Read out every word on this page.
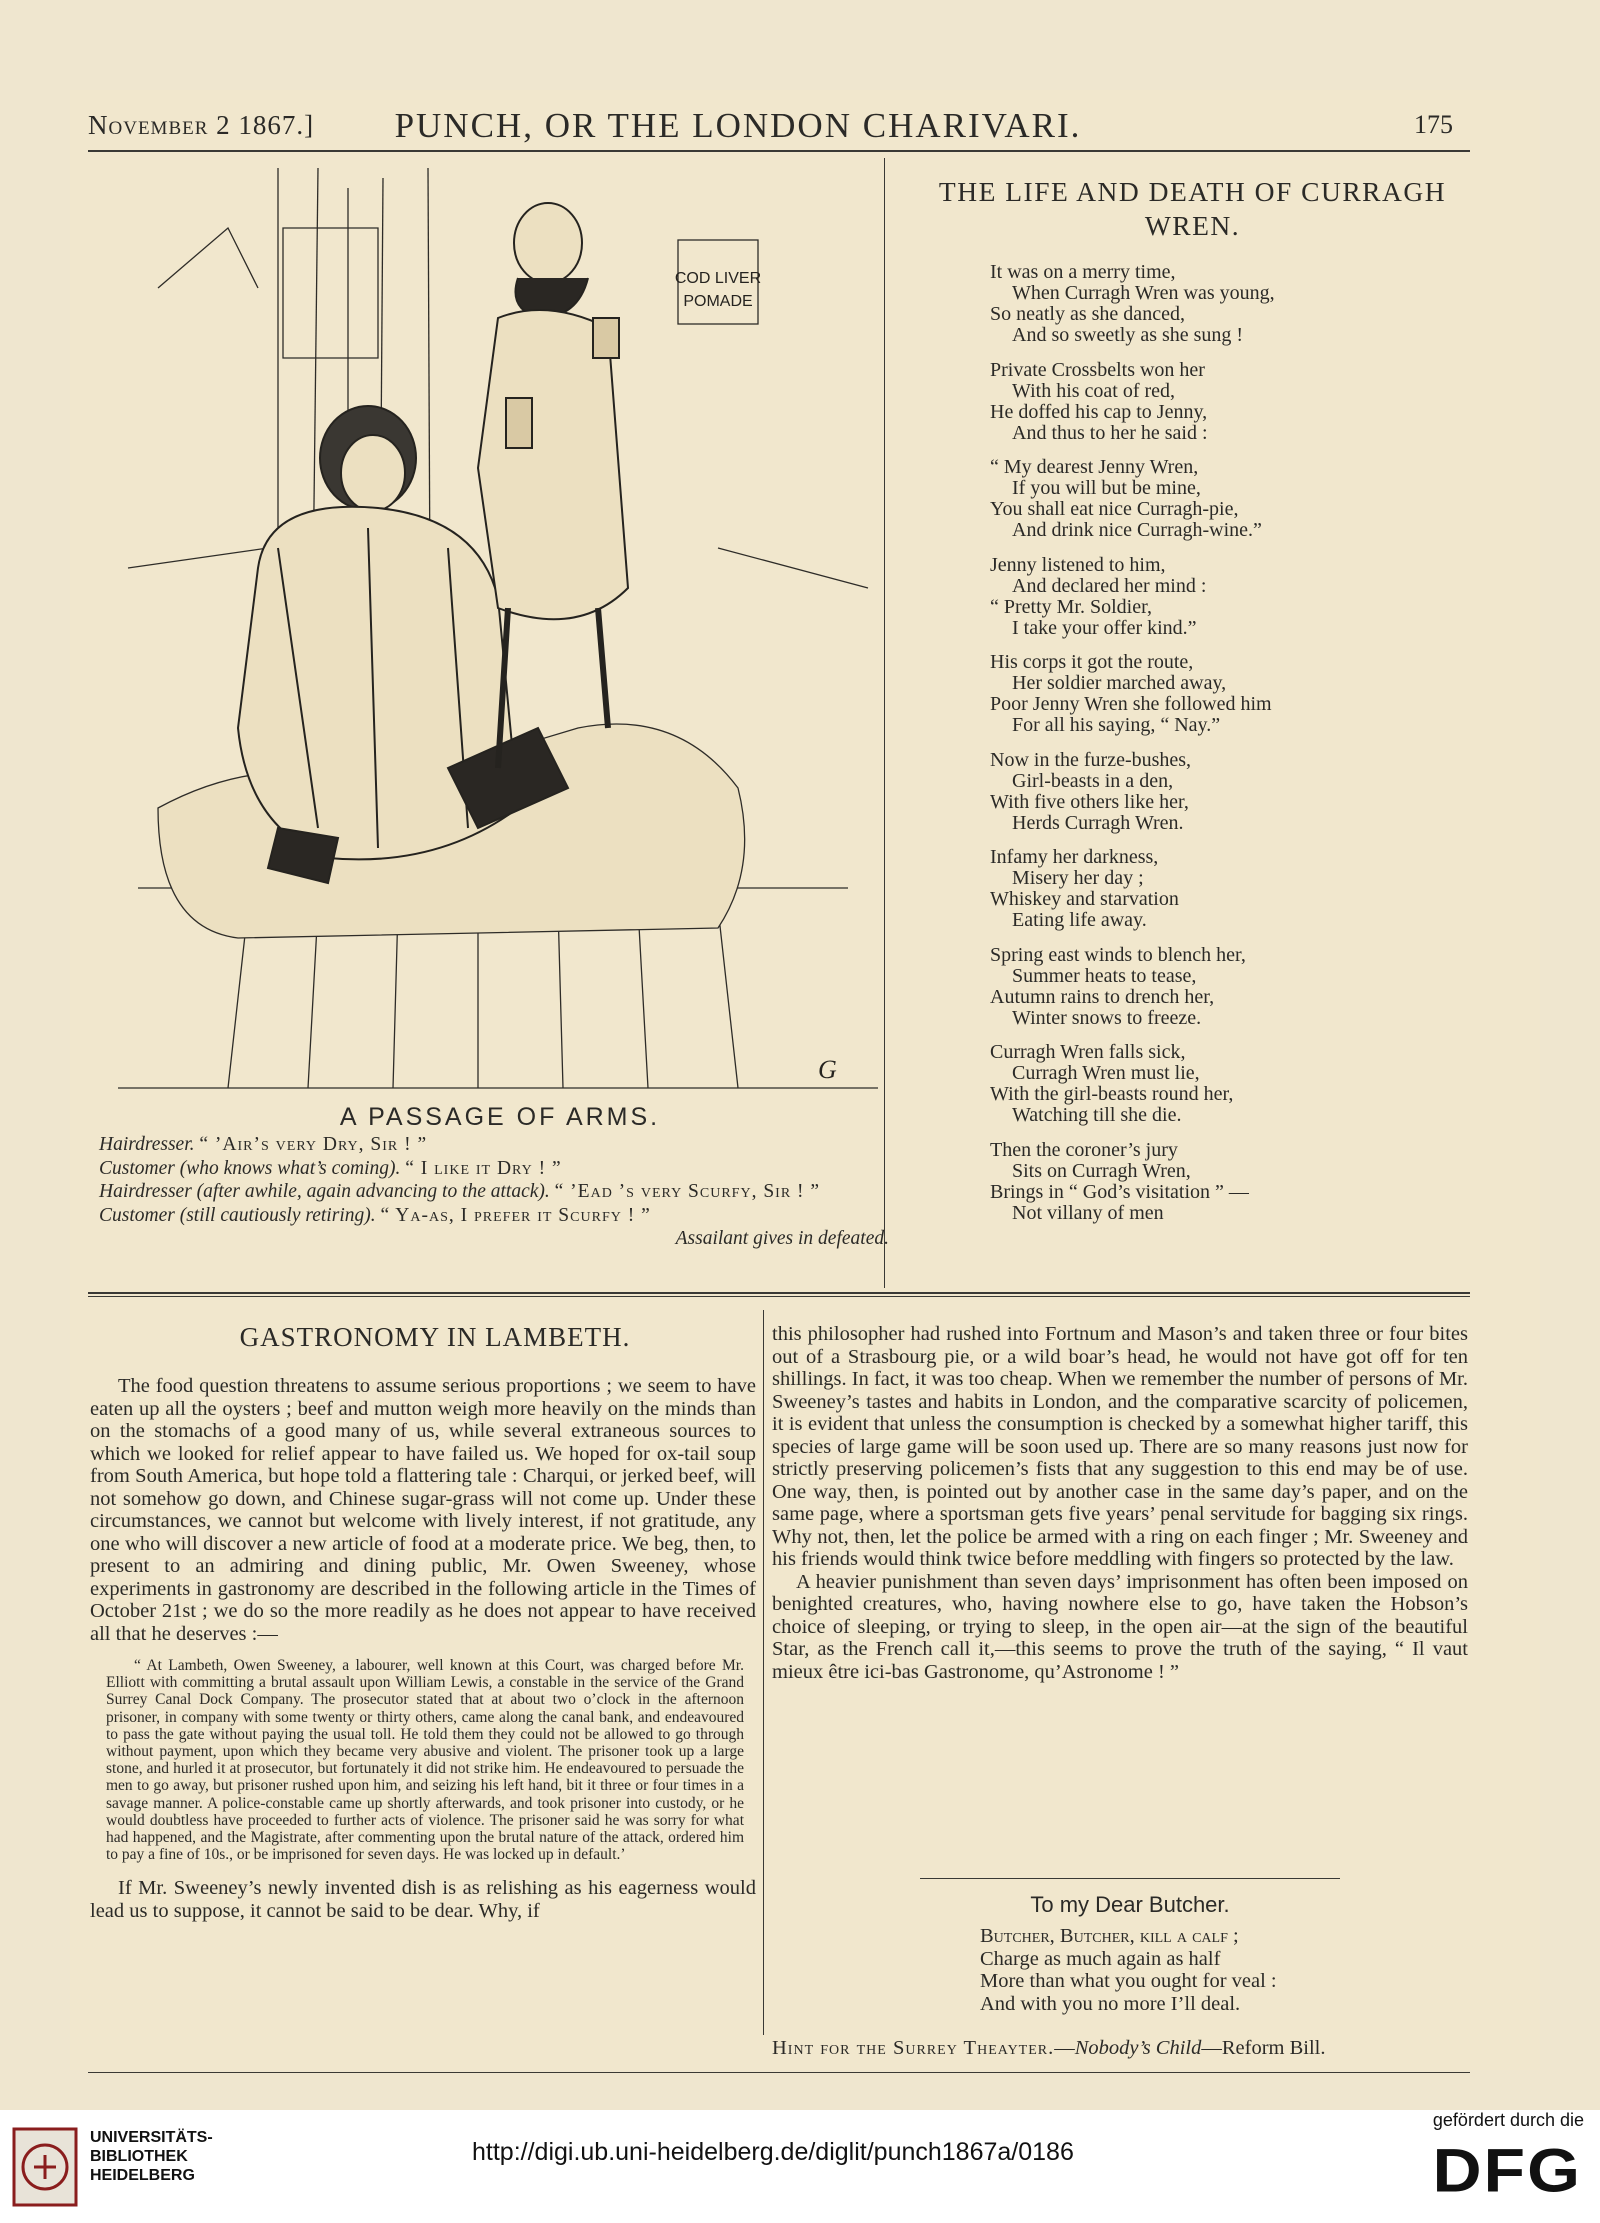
November 2 1867.] PUNCH, OR THE LONDON CHARIVARI.	175
COD LIVER
POMADE
G
A PASSAGE OF ARMS.

Hairdresser. “ ’Air’s very Dry, Sir ! ”

Customer (who knows what’s coming). “ I like it Dry ! ”

Hairdresser (after awhile, again advancing to the attack). “ ’Ead ’s very Scurfy, Sir ! ”

Customer (still cautiously retiring). “ Ya-as, I prefer it Scurfy ! ”

Assailant gives in defeated.

THE LIFE AND DEATH OF CURRAGH
WREN.
It was on a merry time,
When Curragh Wren was young,
So neatly as she danced,
And so sweetly as she sung !
Private Crossbelts won her
With his coat of red,
He doffed his cap to Jenny,
And thus to her he said :
“ My dearest Jenny Wren,
If you will but be mine,
You shall eat nice Curragh-pie,
And drink nice Curragh-wine.”
Jenny listened to him,
And declared her mind :
“ Pretty Mr. Soldier,
I take your offer kind.”
His corps it got the route,
Her soldier marched away,
Poor Jenny Wren she followed him
For all his saying, “ Nay.”
Now in the furze-bushes,
Girl-beasts in a den,
With five others like her,
Herds Curragh Wren.
Infamy her darkness,
Misery her day ;
Whiskey and starvation
Eating life away.
Spring east winds to blench her,
Summer heats to tease,
Autumn rains to drench her,
Winter snows to freeze.
Curragh Wren falls sick,
Curragh Wren must lie,
With the girl-beasts round her,
Watching till she die.
Then the coroner’s jury
Sits on Curragh Wren,
Brings in “ God’s visitation ” —
Not villany of men
GASTRONOMY IN LAMBETH.

The food question threatens to assume serious proportions ; we seem to have eaten up all the oysters ; beef and mutton weigh more heavily on the minds than on the stomachs of a good many of us, while several extraneous sources to which we looked for relief appear to have failed us. We hoped for ox-tail soup from South America, but hope told a flattering tale : Charqui, or jerked beef, will not somehow go down, and Chinese sugar-grass will not come up. Under these circumstances, we cannot but welcome with lively interest, if not gratitude, any one who will discover a new article of food at a moderate price. We beg, then, to present to an admiring and dining public, Mr. Owen Sweeney, whose experiments in gastronomy are described in the following article in the Times of October 21st ; we do so the more readily as he does not appear to have received all that he deserves :—

“ At Lambeth, Owen Sweeney, a labourer, well known at this Court, was charged before Mr. Elliott with committing a brutal assault upon William Lewis, a constable in the service of the Grand Surrey Canal Dock Company. The prosecutor stated that at about two o’clock in the afternoon prisoner, in company with some twenty or thirty others, came along the canal bank, and endeavoured to pass the gate without paying the usual toll. He told them they could not be allowed to go through without payment, upon which they became very abusive and violent. The prisoner took up a large stone, and hurled it at prosecutor, but fortunately it did not strike him. He endeavoured to persuade the men to go away, but prisoner rushed upon him, and seizing his left hand, bit it three or four times in a savage manner. A police-constable came up shortly afterwards, and took prisoner into custody, or he would doubtless have proceeded to further acts of violence. The prisoner said he was sorry for what had happened, and the Magistrate, after commenting upon the brutal nature of the attack, ordered him to pay a fine of 10s., or be imprisoned for seven days. He was locked up in default.’

If Mr. Sweeney’s newly invented dish is as relishing as his eagerness would lead us to suppose, it cannot be said to be dear. Why, if

this philosopher had rushed into Fortnum and Mason’s and taken three or four bites out of a Strasbourg pie, or a wild boar’s head, he would not have got off for ten shillings. In fact, it was too cheap. When we remember the number of persons of Mr. Sweeney’s tastes and habits in London, and the comparative scarcity of policemen, it is evident that unless the consumption is checked by a somewhat higher tariff, this species of large game will be soon used up. There are so many reasons just now for strictly preserving policemen’s fists that any suggestion to this end may be of use. One way, then, is pointed out by another case in the same day’s paper, and on the same page, where a sportsman gets five years’ penal servitude for bagging six rings. Why not, then, let the police be armed with a ring on each finger ; Mr. Sweeney and his friends would think twice before meddling with fingers so protected by the law.

A heavier punishment than seven days’ imprisonment has often been imposed on benighted creatures, who, having nowhere else to go, have taken the Hobson’s choice of sleeping, or trying to sleep, in the open air—at the sign of the beautiful Star, as the French call it,—this seems to prove the truth of the saying, “ Il vaut mieux être ici-bas Gastronome, qu’Astronome ! ”

To my Dear Butcher.
Butcher, Butcher, kill a calf ;
Charge as much again as half
More than what you ought for veal :
And with you no more I’ll deal.
Hint for the Surrey Theayter.—Nobody’s Child—Reform Bill.
UNIVERSITÄTS-
BIBLIOTHEK
HEIDELBERG
http://digi.ub.uni-heidelberg.de/diglit/punch1867a/0186
gefördert durch die
DFG
